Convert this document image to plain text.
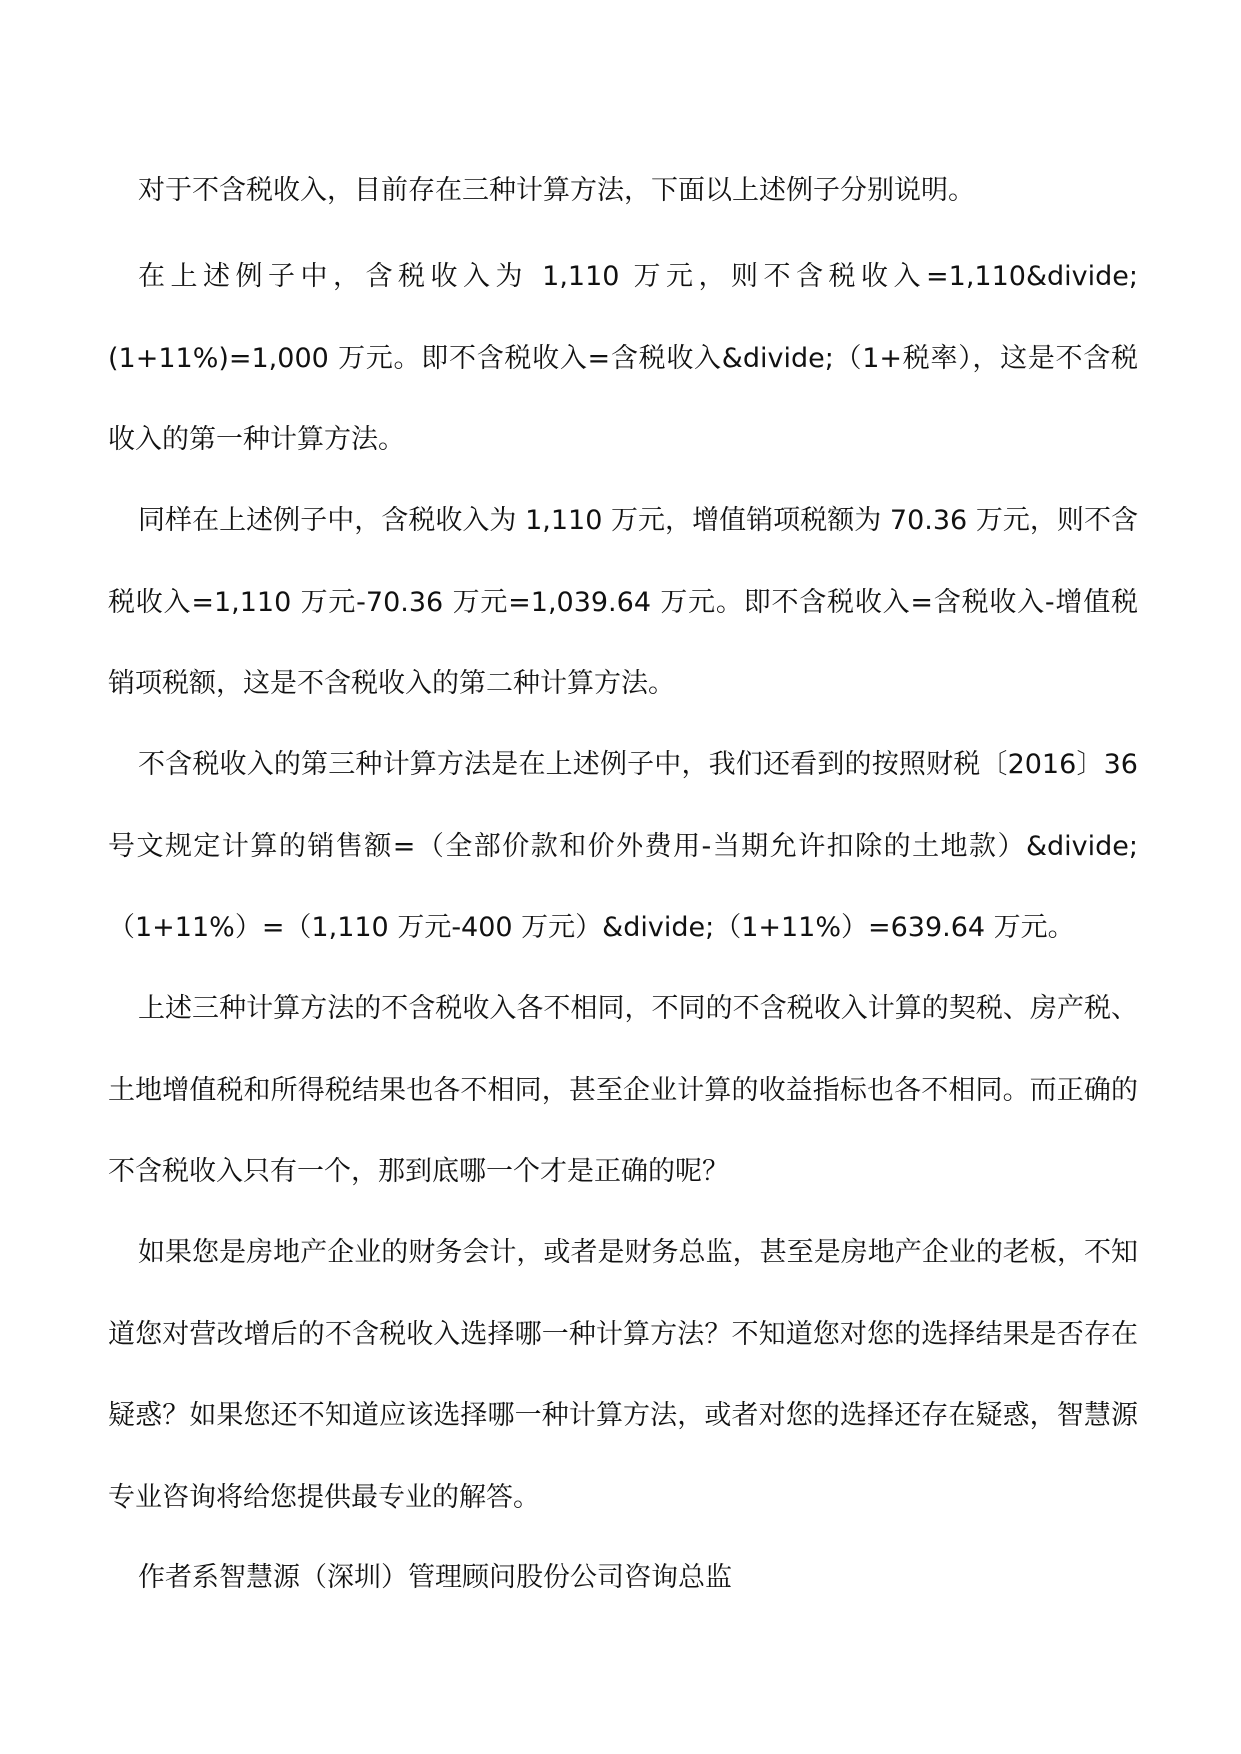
对于不含税收入，目前存在三种计算方法，下面以上述例子分别说明。

在上述例子中，含税收入为 1,110 万元，则不含税收入=1,110&divide;(1+11%)=1,000 万元。即不含税收入=含税收入&divide;（1+税率），这是不含税收入的第一种计算方法。

同样在上述例子中，含税收入为 1,110 万元，增值销项税额为 70.36 万元，则不含税收入=1,110 万元-70.36 万元=1,039.64 万元。即不含税收入=含税收入-增值税销项税额，这是不含税收入的第二种计算方法。

不含税收入的第三种计算方法是在上述例子中，我们还看到的按照财税〔2016〕36 号文规定计算的销售额=（全部价款和价外费用-当期允许扣除的土地款）&divide;（1+11%）=（1,110 万元-400 万元）&divide;（1+11%）=639.64 万元。

上述三种计算方法的不含税收入各不相同，不同的不含税收入计算的契税、房产税、土地增值税和所得税结果也各不相同，甚至企业计算的收益指标也各不相同。而正确的不含税收入只有一个，那到底哪一个才是正确的呢？

如果您是房地产企业的财务会计，或者是财务总监，甚至是房地产企业的老板，不知道您对营改增后的不含税收入选择哪一种计算方法？不知道您对您的选择结果是否存在疑惑？如果您还不知道应该选择哪一种计算方法，或者对您的选择还存在疑惑，智慧源专业咨询将给您提供最专业的解答。

作者系智慧源（深圳）管理顾问股份公司咨询总监
